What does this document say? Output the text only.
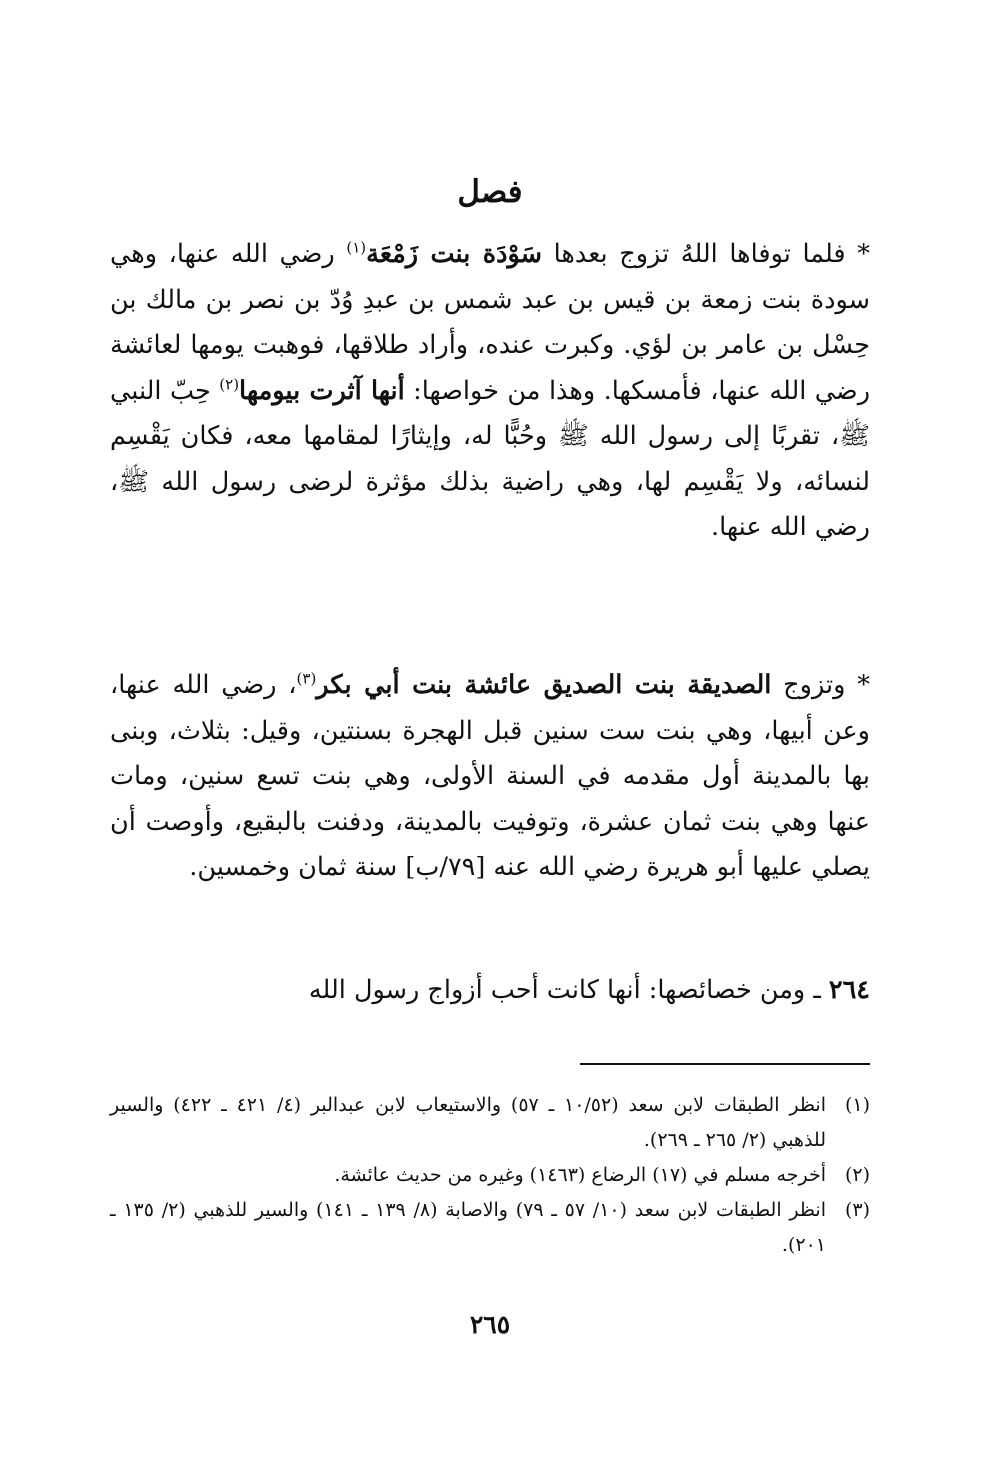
فصل
* فلما توفاها اللهُ تزوج بعدها سَوْدَة بنت زَمْعَة$^{(١)}$ رضي الله عنها، وهي سودة بنت زمعة بن قيس بن عبد شمس بن عبدِ وُدّ بن نصر بن مالك بن حِسْل بن عامر بن لؤي. وكبرت عنده، وأراد طلاقها، فوهبت يومها لعائشة رضي الله عنها، فأمسكها. وهذا من خواصها: أنها آثرت بيومها$^{(٢)}$ حِبّ النبي ﷺ، تقربًا إلى رسول الله ﷺ وحُبًّا له، وإيثارًا لمقامها معه، فكان يَقْسِم لنسائه، ولا يَقْسِم لها، وهي راضية بذلك مؤثرة لرضى رسول الله ﷺ، رضي الله عنها.
* وتزوج الصديقة بنت الصديق عائشة بنت أبي بكر$^{(٣)}$، رضي الله عنها، وعن أبيها، وهي بنت ست سنين قبل الهجرة بسنتين، وقيل: بثلاث، وبنى بها بالمدينة أول مقدمه في السنة الأولى، وهي بنت تسع سنين، ومات عنها وهي بنت ثمان عشرة، وتوفيت بالمدينة، ودفنت بالبقيع، وأوصت أن يصلي عليها أبو هريرة رضي الله عنه [٧٩/ب] سنة ثمان وخمسين.
٢٦٤ ـ ومن خصائصها: أنها كانت أحب أزواج رسول الله
(١)
انظر الطبقات لابن سعد (١٠/٥٢ ـ ٥٧) والاستيعاب لابن عبدالبر (٤/ ٤٢١ ـ ٤٢٢) والسير للذهبي (٢/ ٢٦٥ ـ ٢٦٩).
(٢)
أخرجه مسلم في (١٧) الرضاع (١٤٦٣) وغيره من حديث عائشة.
(٣)
انظر الطبقات لابن سعد (١٠/ ٥٧ ـ ٧٩) والاصابة (٨/ ١٣٩ ـ ١٤١) والسير للذهبي (٢/ ١٣٥ ـ ٢٠١).
٢٦٥
